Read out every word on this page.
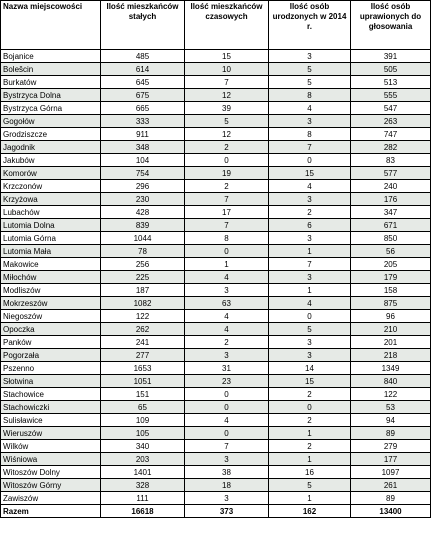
Nazwa miejscowości	Ilość mieszkańców stałych	Ilość mieszkańców czasowych	Ilość osób urodzonych w 2014 r.	Ilość osób uprawionych do głosowania
Bojanice	485	15	3	391
Bolešcin	614	10	5	505
Burkatów	645	7	5	513
Bystrzyca Dolna	675	12	8	555
Bystrzyca Górna	665	39	4	547
Gogołów	333	5	3	263
Grodziszcze	911	12	8	747
Jagodnik	348	2	7	282
Jakubów	104	0	0	83
Komorów	754	19	15	577
Krzczonów	296	2	4	240
Krzyżowa	230	7	3	176
Lubachów	428	17	2	347
Lutomia Dolna	839	7	6	671
Lutomia Górna	1044	8	3	850
Lutomia Mała	78	0	1	56
Makowice	256	1	7	205
Miłochów	225	4	3	179
Modliszów	187	3	1	158
Mokrzeszów	1082	63	4	875
Niegoszów	122	4	0	96
Opoczka	262	4	5	210
Panków	241	2	3	201
Pogorzała	277	3	3	218
Pszenno	1653	31	14	1349
Słotwina	1051	23	15	840
Stachowice	151	0	2	122
Stachowiczki	65	0	0	53
Sulisławice	109	4	2	94
Wieruszów	105	0	1	89
Wilków	340	7	2	279
Wiśniowa	203	3	1	177
Witoszów Dolny	1401	38	16	1097
Witoszów Górny	328	18	5	261
Zawiszów	111	3	1	89
Razem	16618	373	162	13400
